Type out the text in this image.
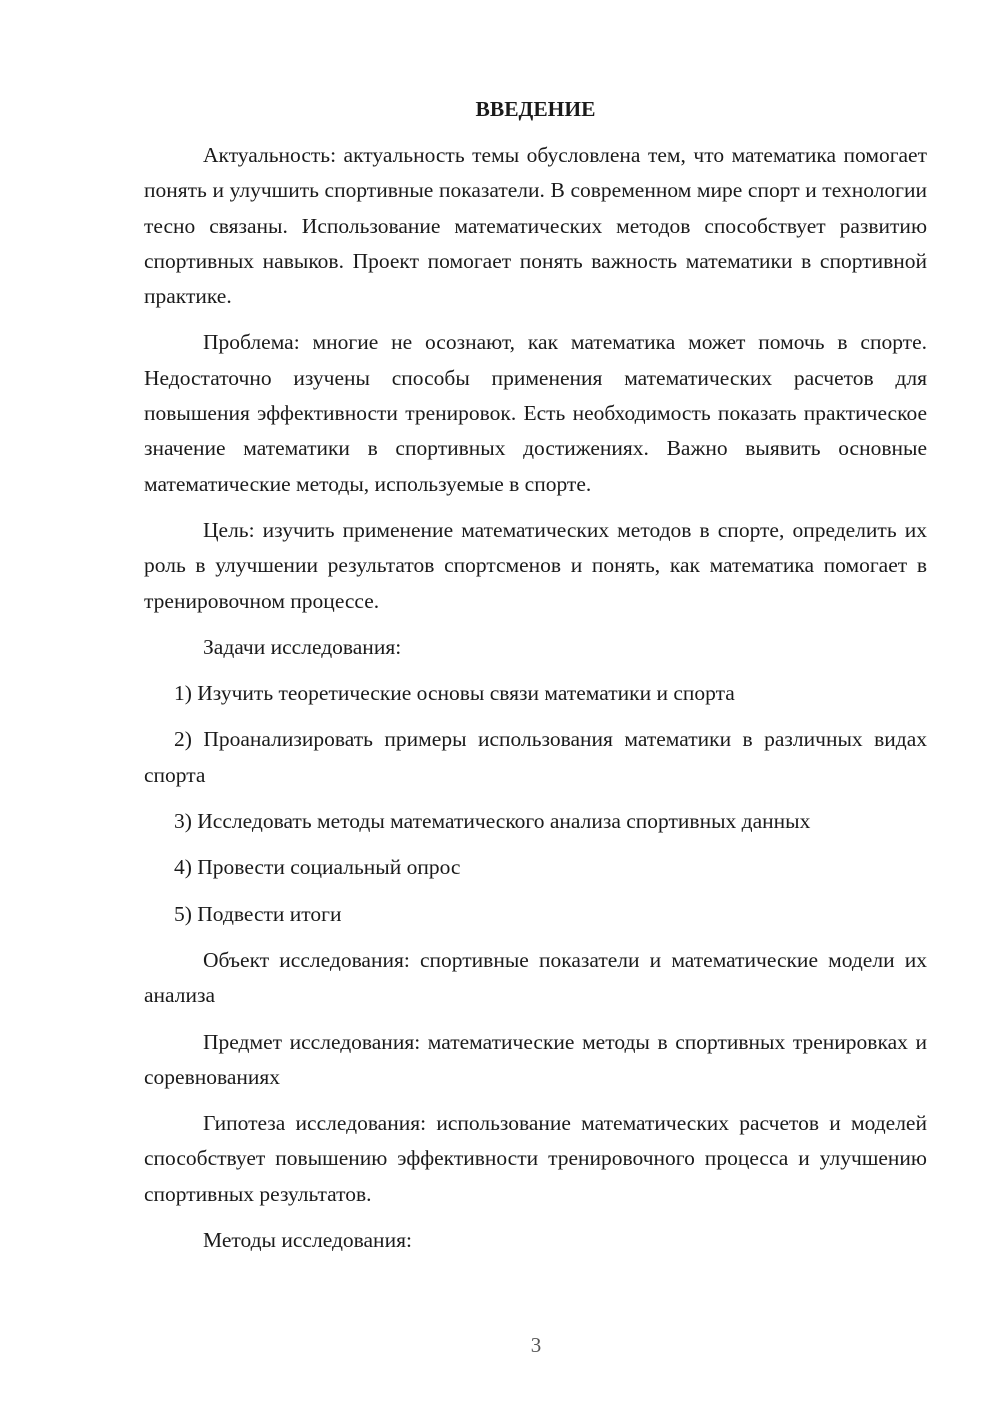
ВВЕДЕНИЕ

Актуальность: актуальность темы обусловлена тем, что математика помогает понять и улучшить спортивные показатели. В современном мире спорт и технологии тесно связаны. Использование математических методов способствует развитию спортивных навыков. Проект помогает понять важность математики в спортивной практике.

Проблема: многие не осознают, как математика может помочь в спорте. Недостаточно изучены способы применения математических расчетов для повышения эффективности тренировок. Есть необходимость показать практическое значение математики в спортивных достижениях. Важно выявить основные математические методы, используемые в спорте.

Цель: изучить применение математических методов в спорте, определить их роль в улучшении результатов спортсменов и понять, как математика помогает в тренировочном процессе.

Задачи исследования:

1) Изучить теоретические основы связи математики и спорта

2) Проанализировать примеры использования математики в различных видах спорта

3) Исследовать методы математического анализа спортивных данных

4) Провести социальный опрос

5) Подвести итоги

Объект исследования: спортивные показатели и математические модели их анализа

Предмет исследования: математические методы в спортивных тренировках и соревнованиях

Гипотеза исследования: использование математических расчетов и моделей способствует повышению эффективности тренировочного процесса и улучшению спортивных результатов.

Методы исследования:

3
